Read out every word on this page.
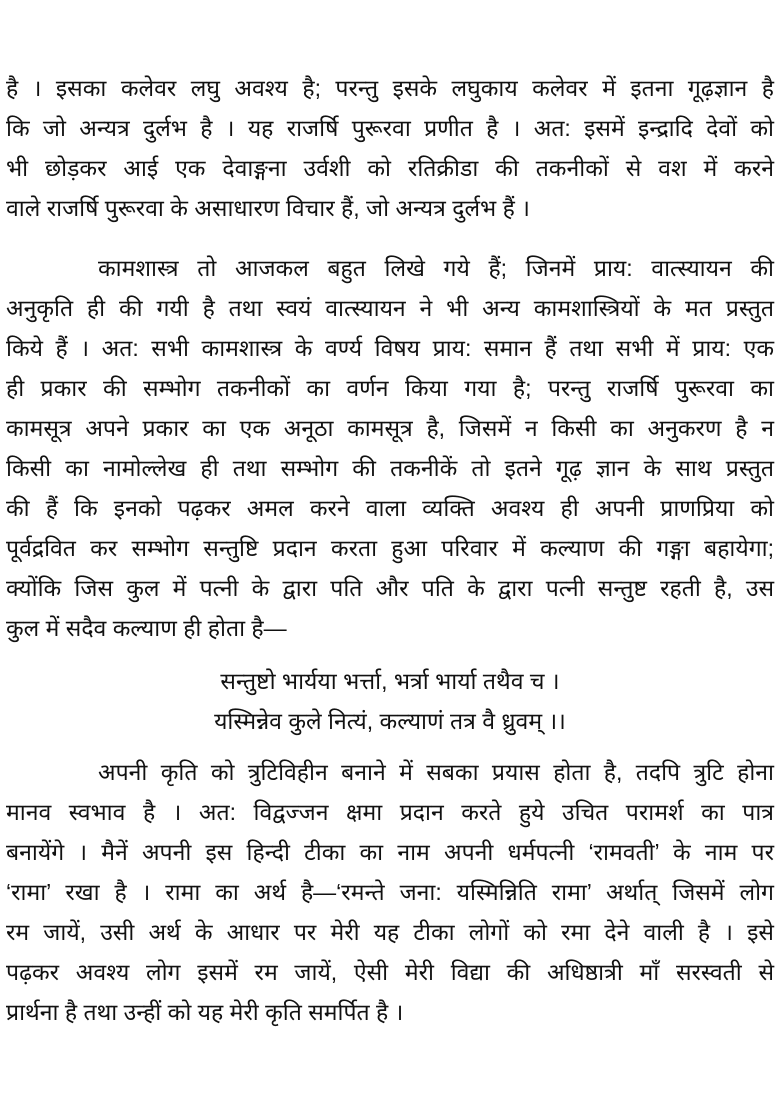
है । इसका कलेवर लघु अवश्य है; परन्तु इसके लघुकाय कलेवर में इतना गूढ़ज्ञान है
कि जो अन्यत्र दुर्लभ है । यह राजर्षि पुरूरवा प्रणीत है । अत: इसमें इन्द्रादि देवों को
भी छोड़कर आई एक देवाङ्गना उर्वशी को रतिक्रीडा की तकनीकों से वश में करने
वाले राजर्षि पुरूरवा के असाधारण विचार हैं, जो अन्यत्र दुर्लभ हैं ।
कामशास्त्र तो आजकल बहुत लिखे गये हैं; जिनमें प्राय: वात्स्यायन की
अनुकृति ही की गयी है तथा स्वयं वात्स्यायन ने भी अन्य कामशास्त्रियों के मत प्रस्तुत
किये हैं । अत: सभी कामशास्त्र के वर्ण्य विषय प्राय: समान हैं तथा सभी में प्राय: एक
ही प्रकार की सम्भोग तकनीकों का वर्णन किया गया है; परन्तु राजर्षि पुरूरवा का
कामसूत्र अपने प्रकार का एक अनूठा कामसूत्र है, जिसमें न किसी का अनुकरण है न
किसी का नामोल्लेख ही तथा सम्भोग की तकनीकें तो इतने गूढ़ ज्ञान के साथ प्रस्तुत
की हैं कि इनको पढ़कर अमल करने वाला व्यक्ति अवश्य ही अपनी प्राणप्रिया को
पूर्वद्रवित कर सम्भोग सन्तुष्टि प्रदान करता हुआ परिवार में कल्याण की गङ्गा बहायेगा;
क्योंकि जिस कुल में पत्नी के द्वारा पति और पति के द्वारा पत्नी सन्तुष्ट रहती है, उस
कुल में सदैव कल्याण ही होता है—
सन्तुष्टो भार्यया भर्त्ता, भर्त्रा भार्या तथैव च ।
यस्मिन्नेव कुले नित्यं, कल्याणं तत्र वै ध्रुवम् ।।
अपनी कृति को त्रुटिविहीन बनाने में सबका प्रयास होता है, तदपि त्रुटि होना
मानव स्वभाव है । अत: विद्वज्जन क्षमा प्रदान करते हुये उचित परामर्श का पात्र
बनायेंगे । मैनें अपनी इस हिन्दी टीका का नाम अपनी धर्मपत्नी ‘रामवती’ के नाम पर
‘रामा’ रखा है । रामा का अर्थ है—‘रमन्ते जना: यस्मिन्निति रामा’ अर्थात् जिसमें लोग
रम जायें, उसी अर्थ के आधार पर मेरी यह टीका लोगों को रमा देने वाली है । इसे
पढ़कर अवश्य लोग इसमें रम जायें, ऐसी मेरी विद्या की अधिष्ठात्री माँ सरस्वती से
प्रार्थना है तथा उन्हीं को यह मेरी कृति समर्पित है ।
